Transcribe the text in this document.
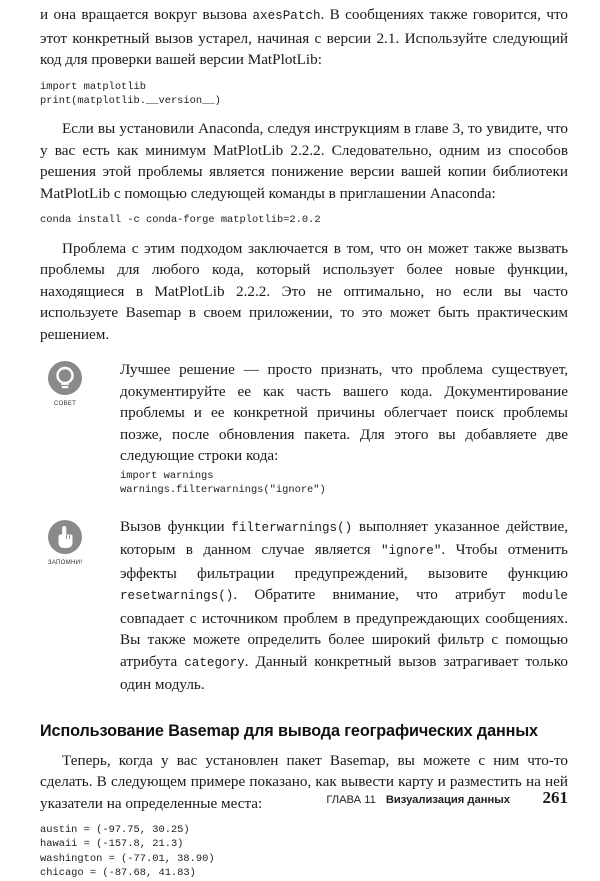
и она вращается вокруг вызова axesPatch. В сообщениях также говорится, что этот конкретный вызов устарел, начиная с версии 2.1. Используйте следующий код для проверки вашей версии MatPlotLib:

import matplotlib
print(matplotlib.__version__)

Если вы установили Anaconda, следуя инструкциям в главе 3, то увидите, что у вас есть как минимум MatPlotLib 2.2.2. Следовательно, одним из способов решения этой проблемы является понижение версии вашей копии библиотеки MatPlotLib с помощью следующей команды в приглашении Anaconda:

conda install -c conda-forge matplotlib=2.0.2

Проблема с этим подходом заключается в том, что он может также вызвать проблемы для любого кода, который использует более новые функции, находящиеся в MatPlotLib 2.2.2. Это не оптимально, но если вы часто используете Basemap в своем приложении, то это может быть практическим решением.

СОВЕТ

Лучшее решение — просто признать, что проблема существует, документируйте ее как часть вашего кода. Документирование проблемы и ее конкретной причины облегчает поиск проблемы позже, после обновления пакета. Для этого вы добавляете две следующие строки кода:

import warnings
warnings.filterwarnings("ignore")
ЗАПОМНИ!

Вызов функции filterwarnings() выполняет указанное действие, которым в данном случае является "ignore". Чтобы отменить эффекты фильтрации предупреждений, вызовите функцию resetwarnings(). Обратите внимание, что атрибут module совпадает с источником проблем в предупреждающих сообщениях. Вы также можете определить более широкий фильтр с помощью атрибута category. Данный конкретный вызов затрагивает только один модуль.

Использование Basemap для вывода географических данных

Теперь, когда у вас установлен пакет Basemap, вы можете с ним что-то сделать. В следующем примере показано, как вывести карту и разместить на ней указатели на определенные места:

austin = (-97.75, 30.25)
hawaii = (-157.8, 21.3)
washington = (-77.01, 38.90)
chicago = (-87.68, 41.83)
ГЛАВА 11 Визуализация данных 261
